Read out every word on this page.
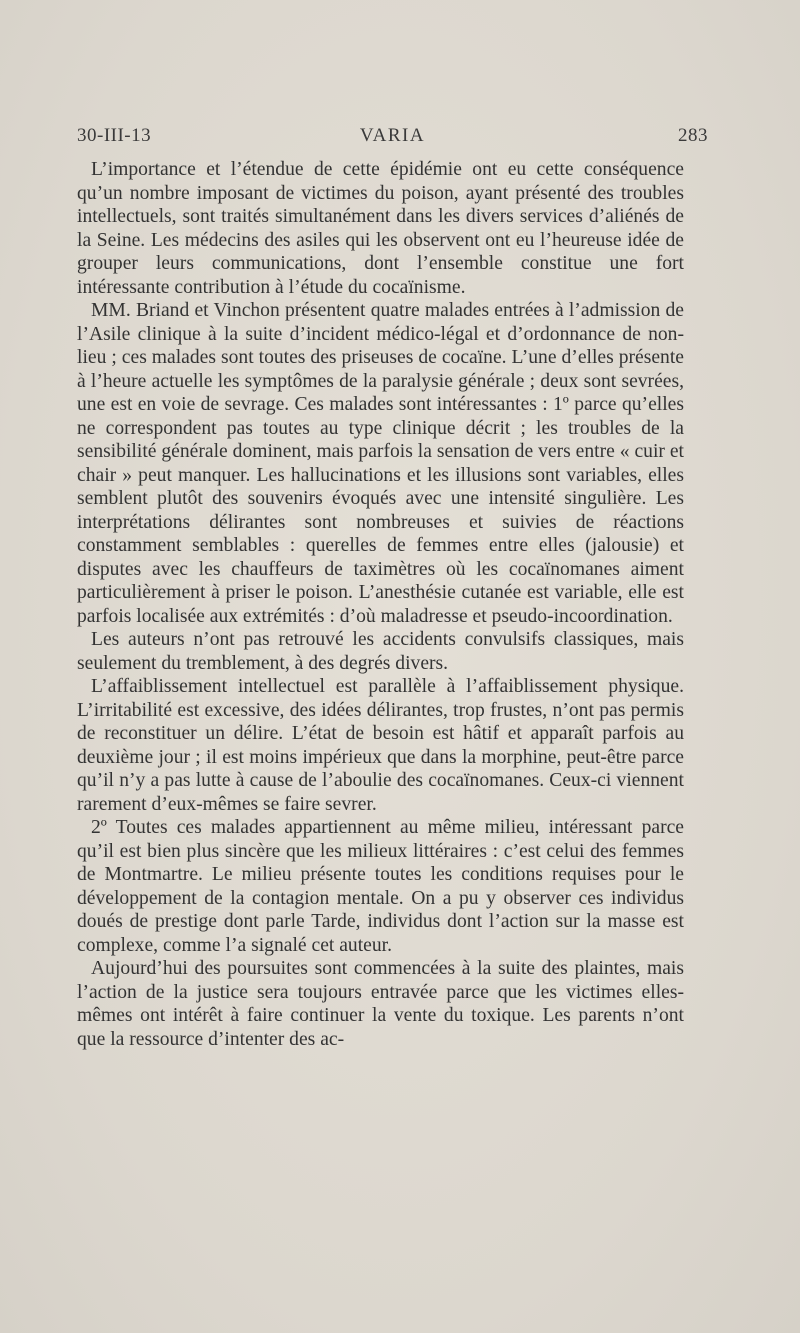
30-III-13	VARIA	283

L’importance et l’étendue de cette épidémie ont eu cette conséquence qu’un nombre imposant de victimes du poison, ayant présenté des troubles intellectuels, sont traités simultanément dans les divers services d’aliénés de la Seine. Les médecins des asiles qui les observent ont eu l’heureuse idée de grouper leurs communications, dont l’ensemble constitue une fort intéressante contribution à l’étude du cocaïnisme.

MM. Briand et Vinchon présentent quatre malades entrées à l’admission de l’Asile clinique à la suite d’incident médico-légal et d’ordonnance de non-lieu ; ces malades sont toutes des priseuses de cocaïne. L’une d’elles présente à l’heure actuelle les symptômes de la paralysie générale ; deux sont sevrées, une est en voie de sevrage. Ces malades sont intéressantes : 1º parce qu’elles ne correspondent pas toutes au type clinique décrit ; les troubles de la sensibilité générale dominent, mais parfois la sensation de vers entre « cuir et chair » peut manquer. Les hallucinations et les illusions sont variables, elles semblent plutôt des souvenirs évoqués avec une intensité singulière. Les interprétations délirantes sont nombreuses et suivies de réactions constamment semblables : querelles de femmes entre elles (jalousie) et disputes avec les chauffeurs de taximètres où les cocaïnomanes aiment particulièrement à priser le poison. L’anesthésie cutanée est variable, elle est parfois localisée aux extrémités : d’où maladresse et pseudo-incoordination.

Les auteurs n’ont pas retrouvé les accidents convulsifs classiques, mais seulement du tremblement, à des degrés divers.

L’affaiblissement intellectuel est parallèle à l’affaiblissement physique. L’irritabilité est excessive, des idées délirantes, trop frustes, n’ont pas permis de reconstituer un délire. L’état de besoin est hâtif et apparaît parfois au deuxième jour ; il est moins impérieux que dans la morphine, peut-être parce qu’il n’y a pas lutte à cause de l’aboulie des cocaïnomanes. Ceux-ci viennent rarement d’eux-mêmes se faire sevrer.

2º Toutes ces malades appartiennent au même milieu, intéressant parce qu’il est bien plus sincère que les milieux littéraires : c’est celui des femmes de Montmartre. Le milieu présente toutes les conditions requises pour le développement de la contagion mentale. On a pu y observer ces individus doués de prestige dont parle Tarde, individus dont l’action sur la masse est complexe, comme l’a signalé cet auteur.

Aujourd’hui des poursuites sont commencées à la suite des plaintes, mais l’action de la justice sera toujours entravée parce que les victimes elles-mêmes ont intérêt à faire continuer la vente du toxique. Les parents n’ont que la ressource d’intenter des ac-
